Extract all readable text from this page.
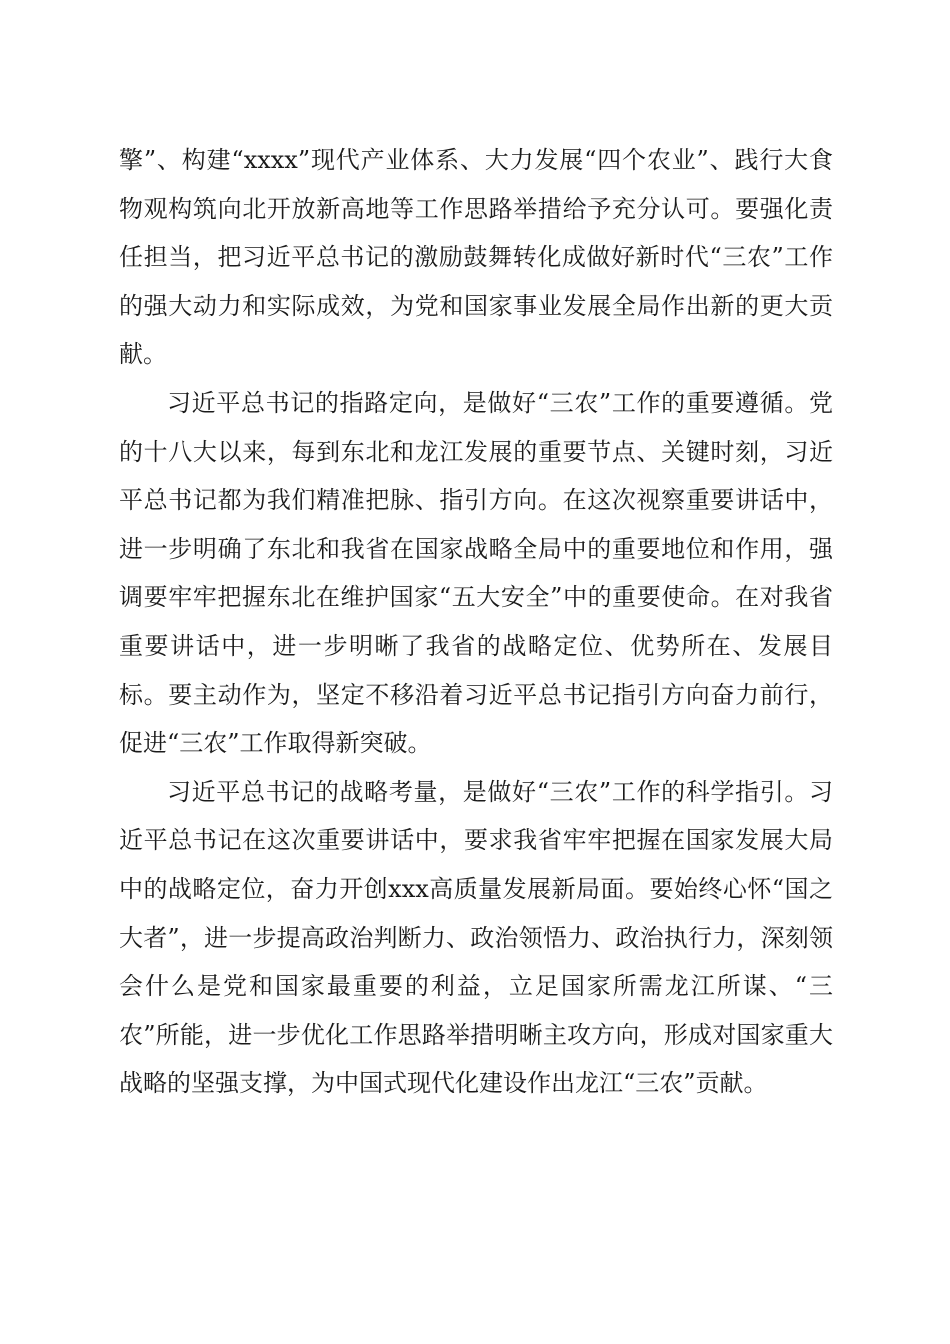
擎”、构建“xxxx”现代产业体系、大力发展“四个农业”、践行大食物观构筑向北开放新高地等工作思路举措给予充分认可。要强化责任担当，把习近平总书记的激励鼓舞转化成做好新时代“三农”工作的强大动力和实际成效，为党和国家事业发展全局作出新的更大贡献。

习近平总书记的指路定向，是做好“三农”工作的重要遵循。党的十八大以来，每到东北和龙江发展的重要节点、关键时刻，习近平总书记都为我们精准把脉、指引方向。在这次视察重要讲话中，进一步明确了东北和我省在国家战略全局中的重要地位和作用，强调要牢牢把握东北在维护国家“五大安全”中的重要使命。在对我省重要讲话中，进一步明晰了我省的战略定位、优势所在、发展目标。要主动作为，坚定不移沿着习近平总书记指引方向奋力前行，促进“三农”工作取得新突破。

习近平总书记的战略考量，是做好“三农”工作的科学指引。习近平总书记在这次重要讲话中，要求我省牢牢把握在国家发展大局中的战略定位，奋力开创xxx高质量发展新局面。要始终心怀“国之大者”，进一步提高政治判断力、政治领悟力、政治执行力，深刻领会什么是党和国家最重要的利益，立足国家所需龙江所谋、“三农”所能，进一步优化工作思路举措明晰主攻方向，形成对国家重大战略的坚强支撑，为中国式现代化建设作出龙江“三农”贡献。
